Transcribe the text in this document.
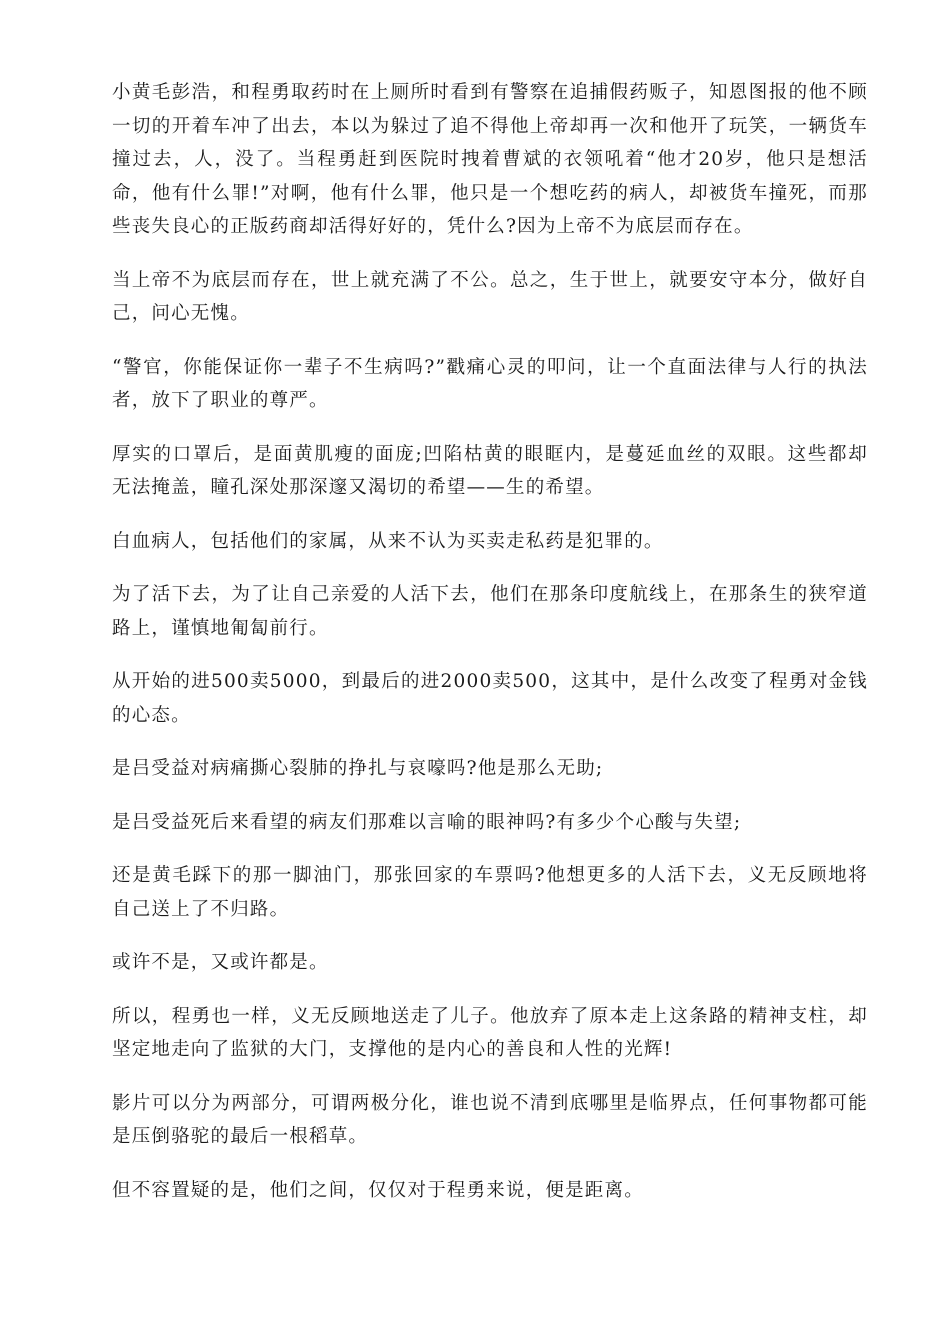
小黄毛彭浩，和程勇取药时在上厕所时看到有警察在追捕假药贩子，知恩图报的他不顾一切的开着车冲了出去，本以为躲过了追不得他上帝却再一次和他开了玩笑，一辆货车撞过去，人，没了。当程勇赶到医院时拽着曹斌的衣领吼着“他才20岁，他只是想活命，他有什么罪!”对啊，他有什么罪，他只是一个想吃药的病人，却被货车撞死，而那些丧失良心的正版药商却活得好好的，凭什么?因为上帝不为底层而存在。

当上帝不为底层而存在，世上就充满了不公。总之，生于世上，就要安守本分，做好自己，问心无愧。

“警官，你能保证你一辈子不生病吗?”戳痛心灵的叩问，让一个直面法律与人行的执法者，放下了职业的尊严。

厚实的口罩后，是面黄肌瘦的面庞;凹陷枯黄的眼眶内，是蔓延血丝的双眼。这些都却无法掩盖，瞳孔深处那深邃又渴切的希望——生的希望。

白血病人，包括他们的家属，从来不认为买卖走私药是犯罪的。

为了活下去，为了让自己亲爱的人活下去，他们在那条印度航线上，在那条生的狭窄道路上，谨慎地匍匐前行。

从开始的进500卖5000，到最后的进2000卖500，这其中，是什么改变了程勇对金钱的心态。

是吕受益对病痛撕心裂肺的挣扎与哀嚎吗?他是那么无助;

是吕受益死后来看望的病友们那难以言喻的眼神吗?有多少个心酸与失望;

还是黄毛踩下的那一脚油门，那张回家的车票吗?他想更多的人活下去，义无反顾地将自己送上了不归路。

或许不是，又或许都是。

所以，程勇也一样，义无反顾地送走了儿子。他放弃了原本走上这条路的精神支柱，却坚定地走向了监狱的大门，支撑他的是内心的善良和人性的光辉!

影片可以分为两部分，可谓两极分化，谁也说不清到底哪里是临界点，任何事物都可能是压倒骆驼的最后一根稻草。

但不容置疑的是，他们之间，仅仅对于程勇来说，便是距离。
